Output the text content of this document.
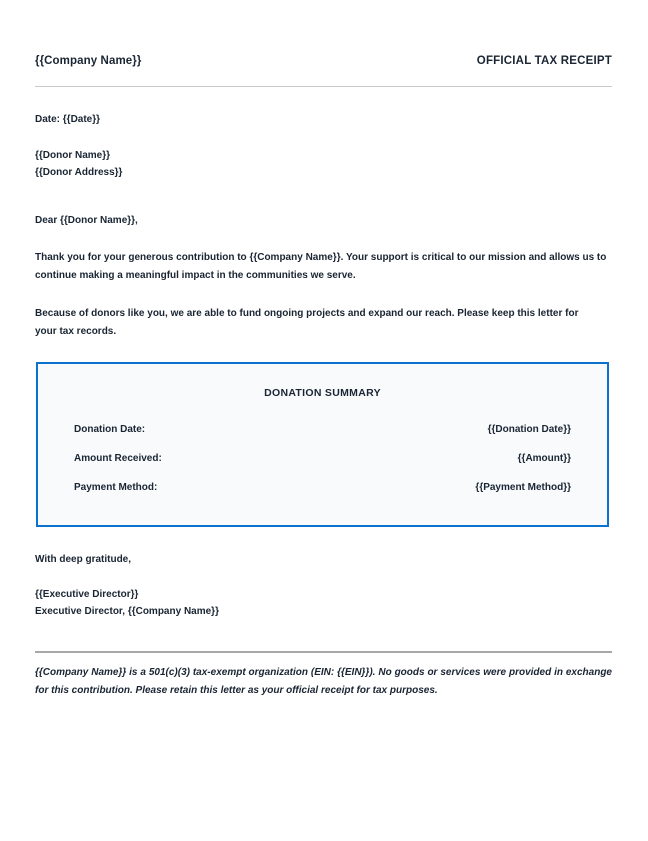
{{Company Name}}	OFFICIAL TAX RECEIPT
Date: {{Date}}
{{Donor Name}}
{{Donor Address}}
Dear {{Donor Name}},
Thank you for your generous contribution to {{Company Name}}. Your support is critical to our mission and allows us to continue making a meaningful impact in the communities we serve.
Because of donors like you, we are able to fund ongoing projects and expand our reach. Please keep this letter for your tax records.
DONATION SUMMARY
Donation Date:	{{Donation Date}}
Amount Received:	{{Amount}}
Payment Method:	{{Payment Method}}
With deep gratitude,
{{Executive Director}}
Executive Director, {{Company Name}}
{{Company Name}} is a 501(c)(3) tax-exempt organization (EIN: {{EIN}}). No goods or services were provided in exchange for this contribution. Please retain this letter as your official receipt for tax purposes.
